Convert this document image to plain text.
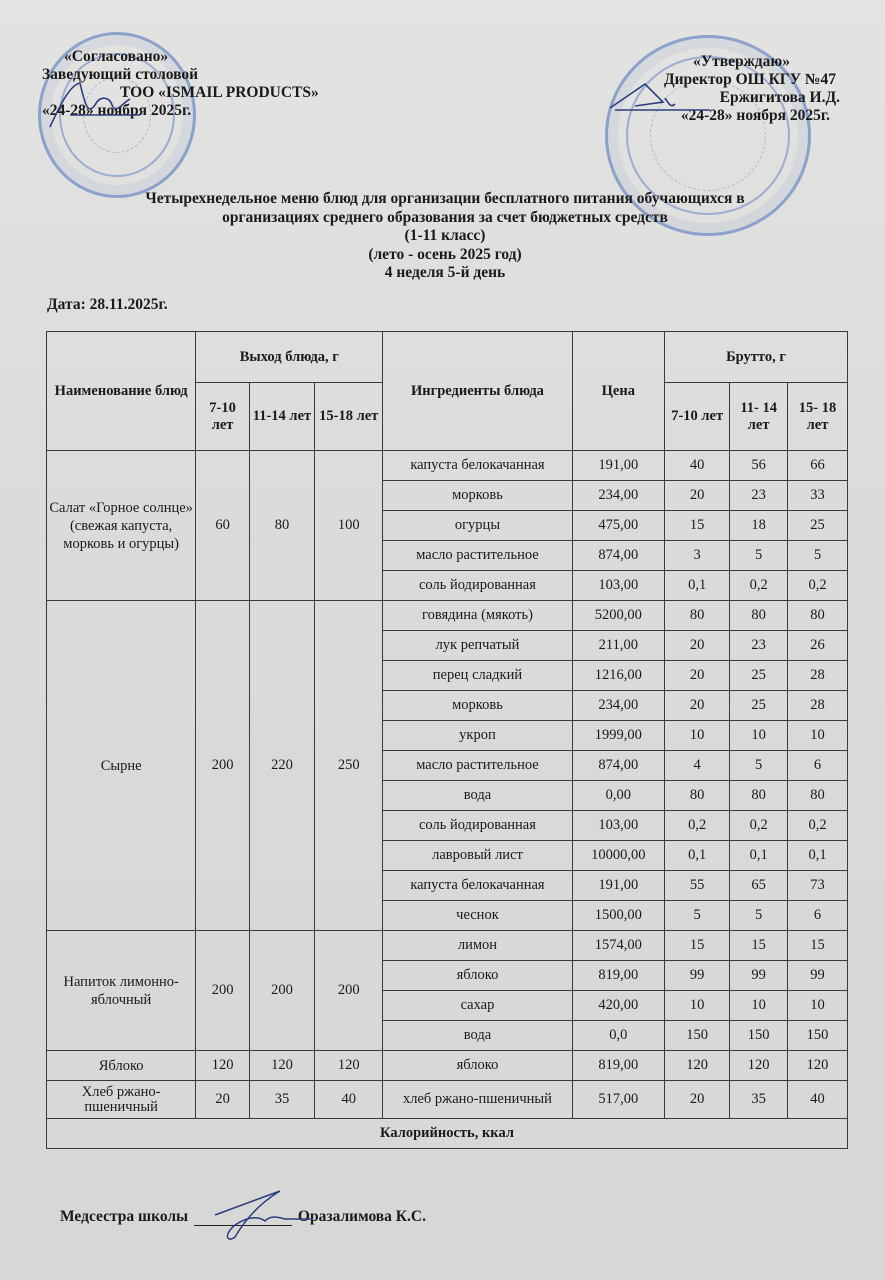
«Согласовано»
Заведующий столовой
ТОО «ISMAIL PRODUCTS»
«24-28» ноября 2025г.
«Утверждаю»
Директор ОШ КГУ №47
Ержигитова И.Д.
«24-28» ноября 2025г.
Четырехнедельное меню блюд для организации бесплатного питания обучающихся в
организациях среднего образования за счет бюджетных средств
(1-11 класс)
(лето - осень 2025 год)
4 неделя 5-й день
Дата: 28.11.2025г.
Наименование блюд	Выход блюда, г			Ингредиенты блюда	Цена	Брутто, г		
	7-10 лет	11-14 лет	15-18 лет			7-10 лет	11- 14 лет	15- 18 лет
Салат «Горное солнце» (свежая капуста, морковь и огурцы)	60	80	100	капуста белокачанная	191,00	40	56	66
				морковь	234,00	20	23	33
				огурцы	475,00	15	18	25
				масло растительное	874,00	3	5	5
				соль йодированная	103,00	0,1	0,2	0,2
Сырне	200	220	250	говядина (мякоть)	5200,00	80	80	80
				лук репчатый	211,00	20	23	26
				перец сладкий	1216,00	20	25	28
				морковь	234,00	20	25	28
				укроп	1999,00	10	10	10
				масло растительное	874,00	4	5	6
				вода	0,00	80	80	80
				соль йодированная	103,00	0,2	0,2	0,2
				лавровый лист	10000,00	0,1	0,1	0,1
				капуста белокачанная	191,00	55	65	73
				чеснок	1500,00	5	5	6
Напиток лимонно-яблочный	200	200	200	лимон	1574,00	15	15	15
				яблоко	819,00	99	99	99
				сахар	420,00	10	10	10
				вода	0,0	150	150	150
Яблоко	120	120	120	яблоко	819,00	120	120	120
Хлеб ржано-пшеничный	20	35	40	хлеб ржано-пшеничный	517,00	20	35	40
Калорийность, ккал								
Медсестра школы	Оразалимова К.С.
